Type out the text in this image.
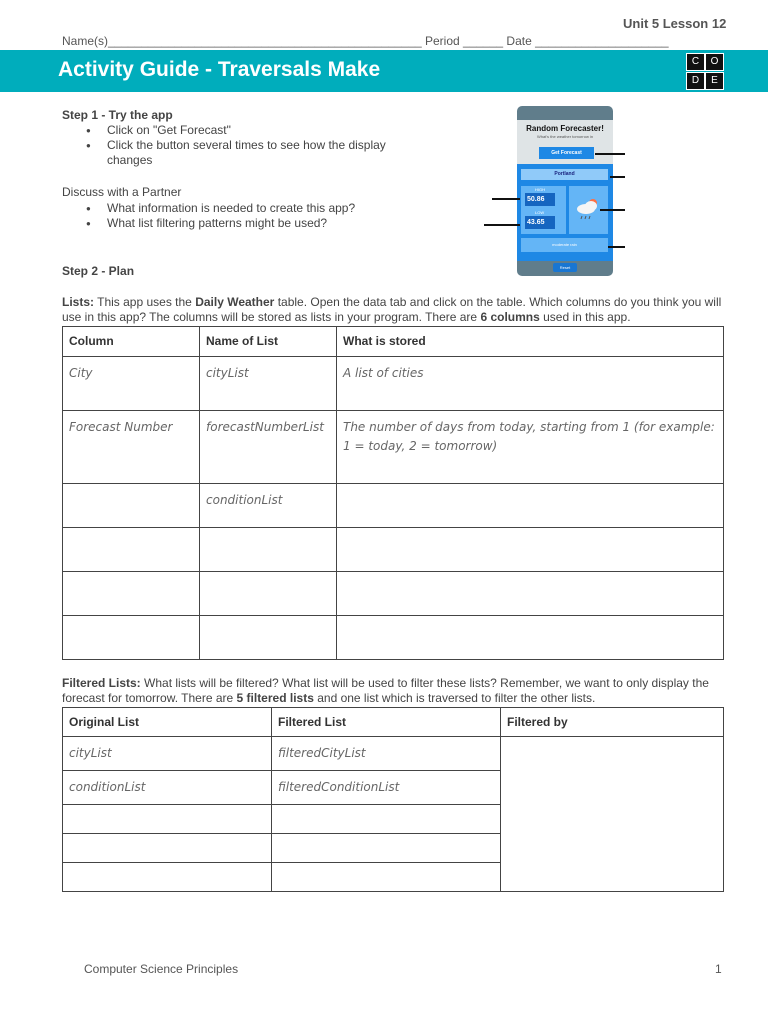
Unit 5 Lesson 12
Name(s)_______________________________________________ Period ______ Date ____________________
Activity Guide - Traversals Make	C	O
D	E
Step 1 - Try the app
● Click on "Get Forecast"
● Click the button several times to see how the display changes
Discuss with a Partner
● What information is needed to create this app?
● What list filtering patterns might be used?
Random Forecaster!
What's the weather tomorrow in
Get Forecast
Portland
HIGH
50.86
LOW
43.65
moderate rain
Reset
Step 2 - Plan
Lists: This app uses the Daily Weather table. Open the data tab and click on the table. Which columns do you think you will use in this app? The columns will be stored as lists in your program. There are 6 columns used in this app.
Column	Name of List	What is stored
City	cityList	A list of cities
Forecast Number	forecastNumberList	The number of days from today, starting from 1 (for example: 1 = today, 2 = tomorrow)
	conditionList	

Filtered Lists: What lists will be filtered? What list will be used to filter these lists? Remember, we want to only display the forecast for tomorrow. There are 5 filtered lists and one list which is traversed to filter the other lists.
Original List	Filtered List	Filtered by
cityList	filteredCityList	
conditionList	filteredConditionList	

Computer Science Principles	1
